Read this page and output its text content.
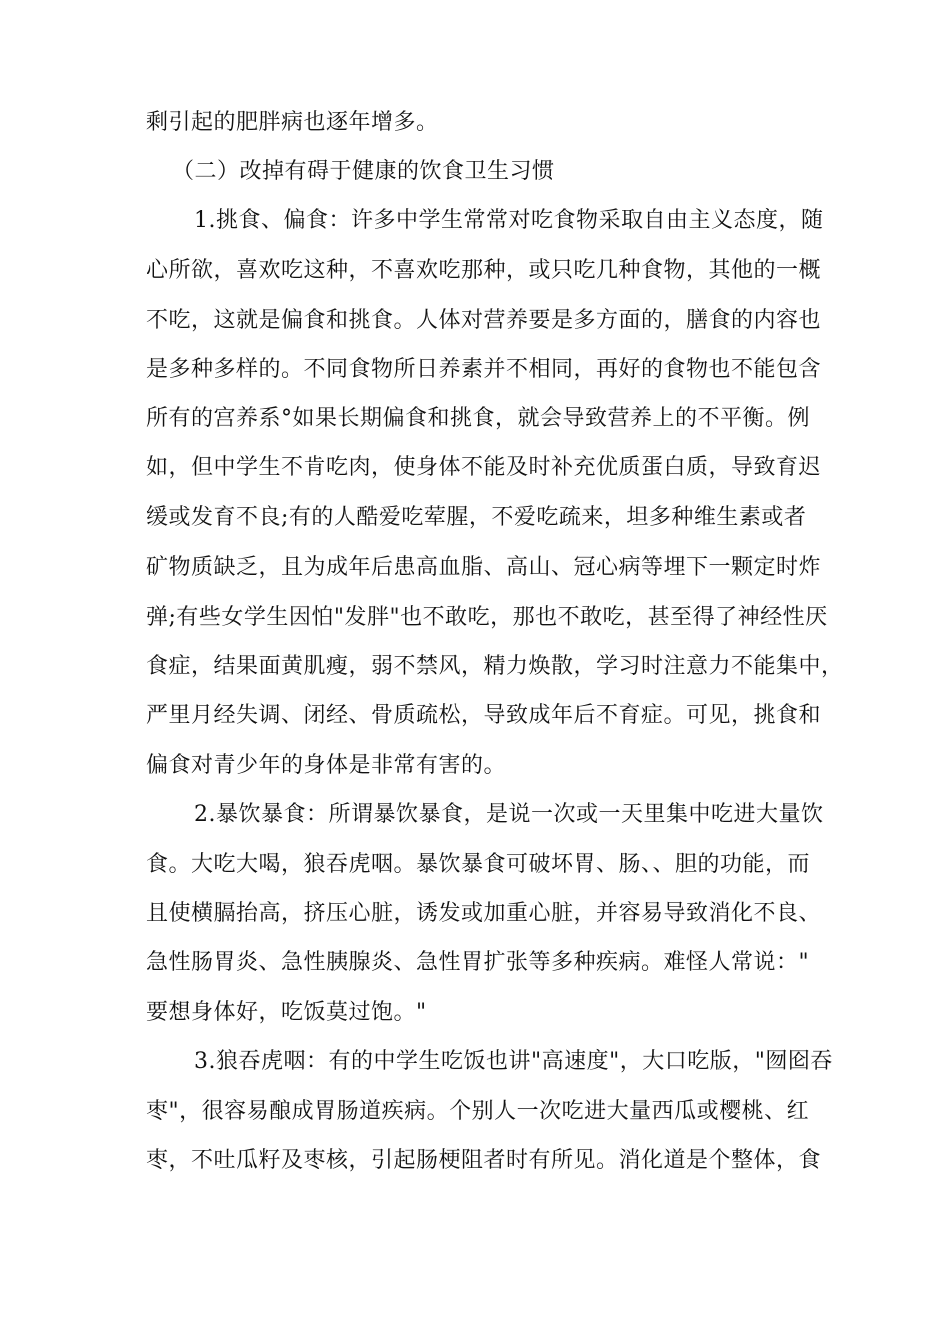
剩引起的肥胖病也逐年增多。
（二）改掉有碍于健康的饮食卫生习惯
1.挑食、偏食：许多中学生常常对吃食物采取自由主义态度，随
心所欲，喜欢吃这种，不喜欢吃那种，或只吃几种食物，其他的一概
不吃，这就是偏食和挑食。人体对营养要是多方面的，膳食的内容也
是多种多样的。不同食物所日养素并不相同，再好的食物也不能包含
所有的宫养系°如果长期偏食和挑食，就会导致营养上的不平衡。例
如，但中学生不肯吃肉，使身体不能及时补充优质蛋白质，导致育迟
缓或发育不良;有的人酷爱吃荤腥，不爱吃疏来，坦多种维生素或者
矿物质缺乏，且为成年后患高血脂、高山、冠心病等埋下一颗定时炸
弹;有些女学生因怕"发胖"也不敢吃，那也不敢吃，甚至得了神经性厌
食症，结果面黄肌瘦，弱不禁风，精力焕散，学习时注意力不能集中，
严里月经失调、闭经、骨质疏松，导致成年后不育症。可见，挑食和
偏食对青少年的身体是非常有害的。
2.暴饮暴食：所谓暴饮暴食，是说一次或一天里集中吃进大量饮
食。大吃大喝，狼吞虎咽。暴饮暴食可破坏胃、肠、、胆的功能，而
且使横膈抬高，挤压心脏，诱发或加重心脏，并容易导致消化不良、
急性肠胃炎、急性胰腺炎、急性胃扩张等多种疾病。难怪人常说："
要想身体好，吃饭莫过饱。"
3.狼吞虎咽：有的中学生吃饭也讲"高速度"，大口吃版，"囫囵吞
枣"，很容易酿成胃肠道疾病。个别人一次吃进大量西瓜或樱桃、红
枣，不吐瓜籽及枣核，引起肠梗阻者时有所见。消化道是个整体，食
